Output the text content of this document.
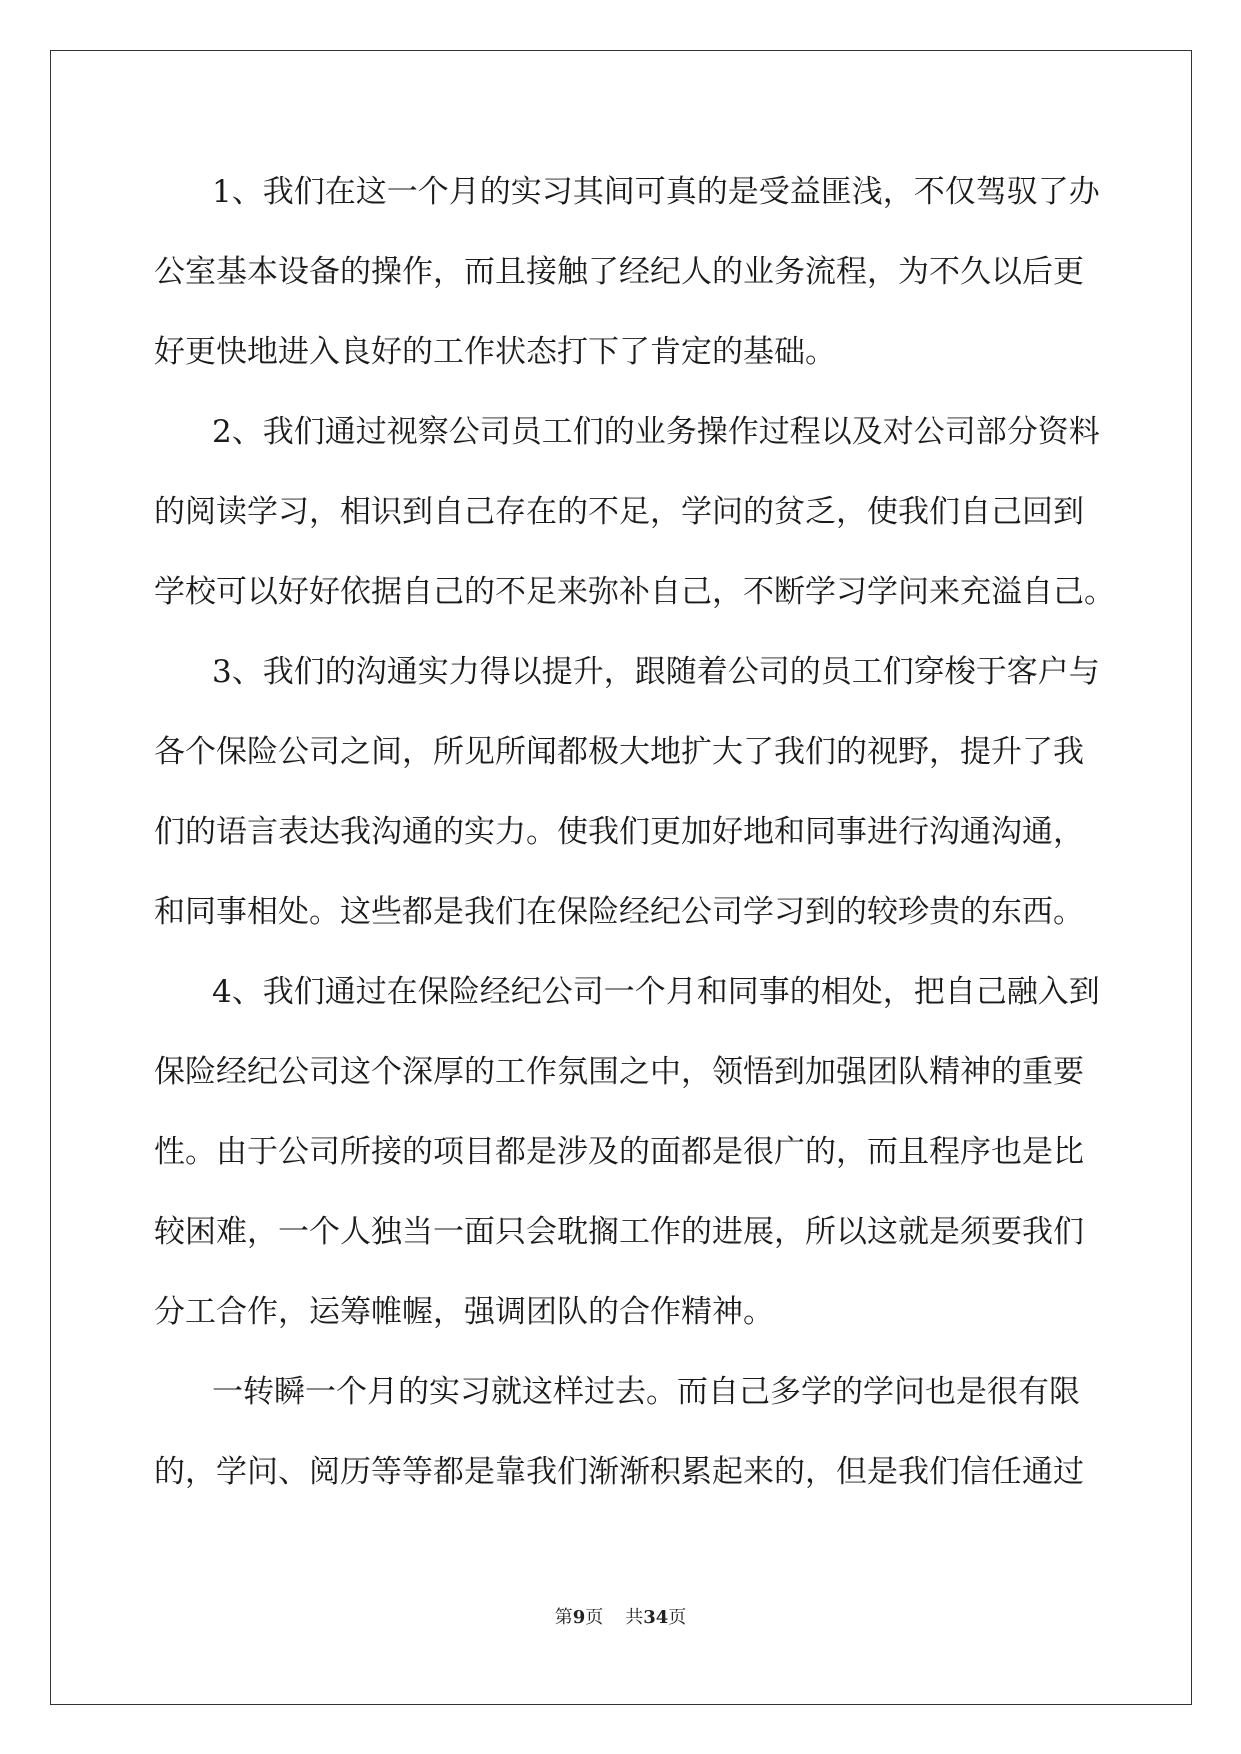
1、我们在这一个月的实习其间可真的是受益匪浅，不仅驾驭了办
公室基本设备的操作，而且接触了经纪人的业务流程，为不久以后更
好更快地进入良好的工作状态打下了肯定的基础。
2、我们通过视察公司员工们的业务操作过程以及对公司部分资料
的阅读学习，相识到自己存在的不足，学问的贫乏，使我们自己回到
学校可以好好依据自己的不足来弥补自己，不断学习学问来充溢自己。
3、我们的沟通实力得以提升，跟随着公司的员工们穿梭于客户与
各个保险公司之间，所见所闻都极大地扩大了我们的视野，提升了我
们的语言表达我沟通的实力。使我们更加好地和同事进行沟通沟通，
和同事相处。这些都是我们在保险经纪公司学习到的较珍贵的东西。
4、我们通过在保险经纪公司一个月和同事的相处，把自己融入到
保险经纪公司这个深厚的工作氛围之中，领悟到加强团队精神的重要
性。由于公司所接的项目都是涉及的面都是很广的，而且程序也是比
较困难，一个人独当一面只会耽搁工作的进展，所以这就是须要我们
分工合作，运筹帷幄，强调团队的合作精神。
一转瞬一个月的实习就这样过去。而自己多学的学问也是很有限
的，学问、阅历等等都是靠我们渐渐积累起来的，但是我们信任通过
第9页 共34页
